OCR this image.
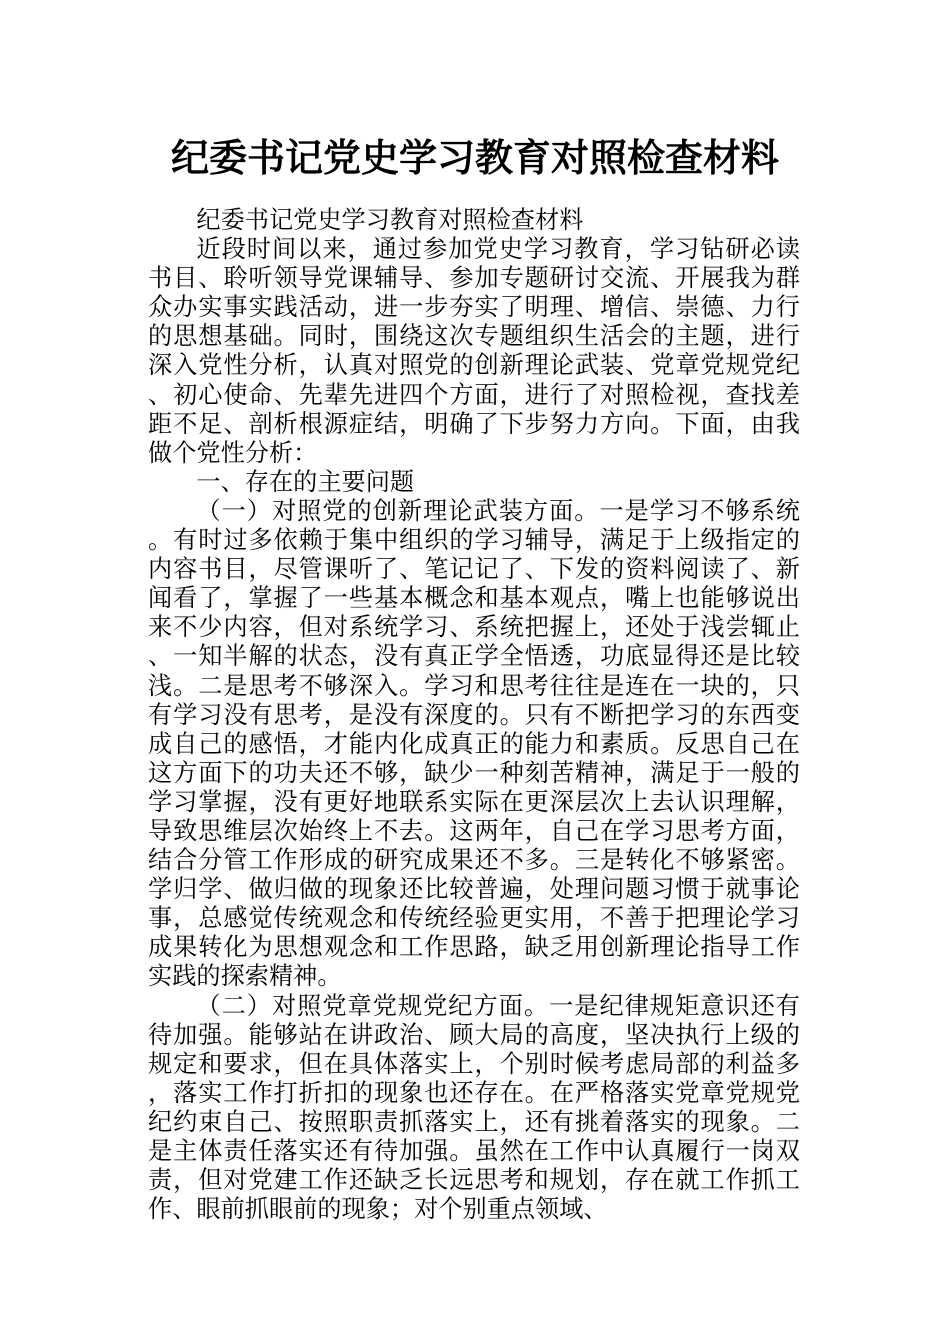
纪委书记党史学习教育对照检查材料

纪委书记党史学习教育对照检查材料

近段时间以来，通过参加党史学习教育，学习钻研必读书目、聆听领导党课辅导、参加专题研讨交流、开展我为群众办实事实践活动，进一步夯实了明理、增信、崇德、力行的思想基础。同时，围绕这次专题组织生活会的主题，进行深入党性分析，认真对照党的创新理论武装、党章党规党纪、初心使命、先辈先进四个方面，进行了对照检视，查找差距不足、剖析根源症结，明确了下步努力方向。下面，由我做个党性分析：

一、存在的主要问题

（一）对照党的创新理论武装方面。一是学习不够系统。有时过多依赖于集中组织的学习辅导，满足于上级指定的内容书目，尽管课听了、笔记记了、下发的资料阅读了、新闻看了，掌握了一些基本概念和基本观点，嘴上也能够说出来不少内容，但对系统学习、系统把握上，还处于浅尝辄止、一知半解的状态，没有真正学全悟透，功底显得还是比较浅。二是思考不够深入。学习和思考往往是连在一块的，只有学习没有思考，是没有深度的。只有不断把学习的东西变成自己的感悟，才能内化成真正的能力和素质。反思自己在这方面下的功夫还不够，缺少一种刻苦精神，满足于一般的学习掌握，没有更好地联系实际在更深层次上去认识理解，导致思维层次始终上不去。这两年，自己在学习思考方面，结合分管工作形成的研究成果还不多。三是转化不够紧密。学归学、做归做的现象还比较普遍，处理问题习惯于就事论事，总感觉传统观念和传统经验更实用，不善于把理论学习成果转化为思想观念和工作思路，缺乏用创新理论指导工作实践的探索精神。

（二）对照党章党规党纪方面。一是纪律规矩意识还有待加强。能够站在讲政治、顾大局的高度，坚决执行上级的规定和要求，但在具体落实上，个别时候考虑局部的利益多，落实工作打折扣的现象也还存在。在严格落实党章党规党纪约束自己、按照职责抓落实上，还有挑着落实的现象。二是主体责任落实还有待加强。虽然在工作中认真履行一岗双责，但对党建工作还缺乏长远思考和规划，存在就工作抓工作、眼前抓眼前的现象；对个别重点领域、
